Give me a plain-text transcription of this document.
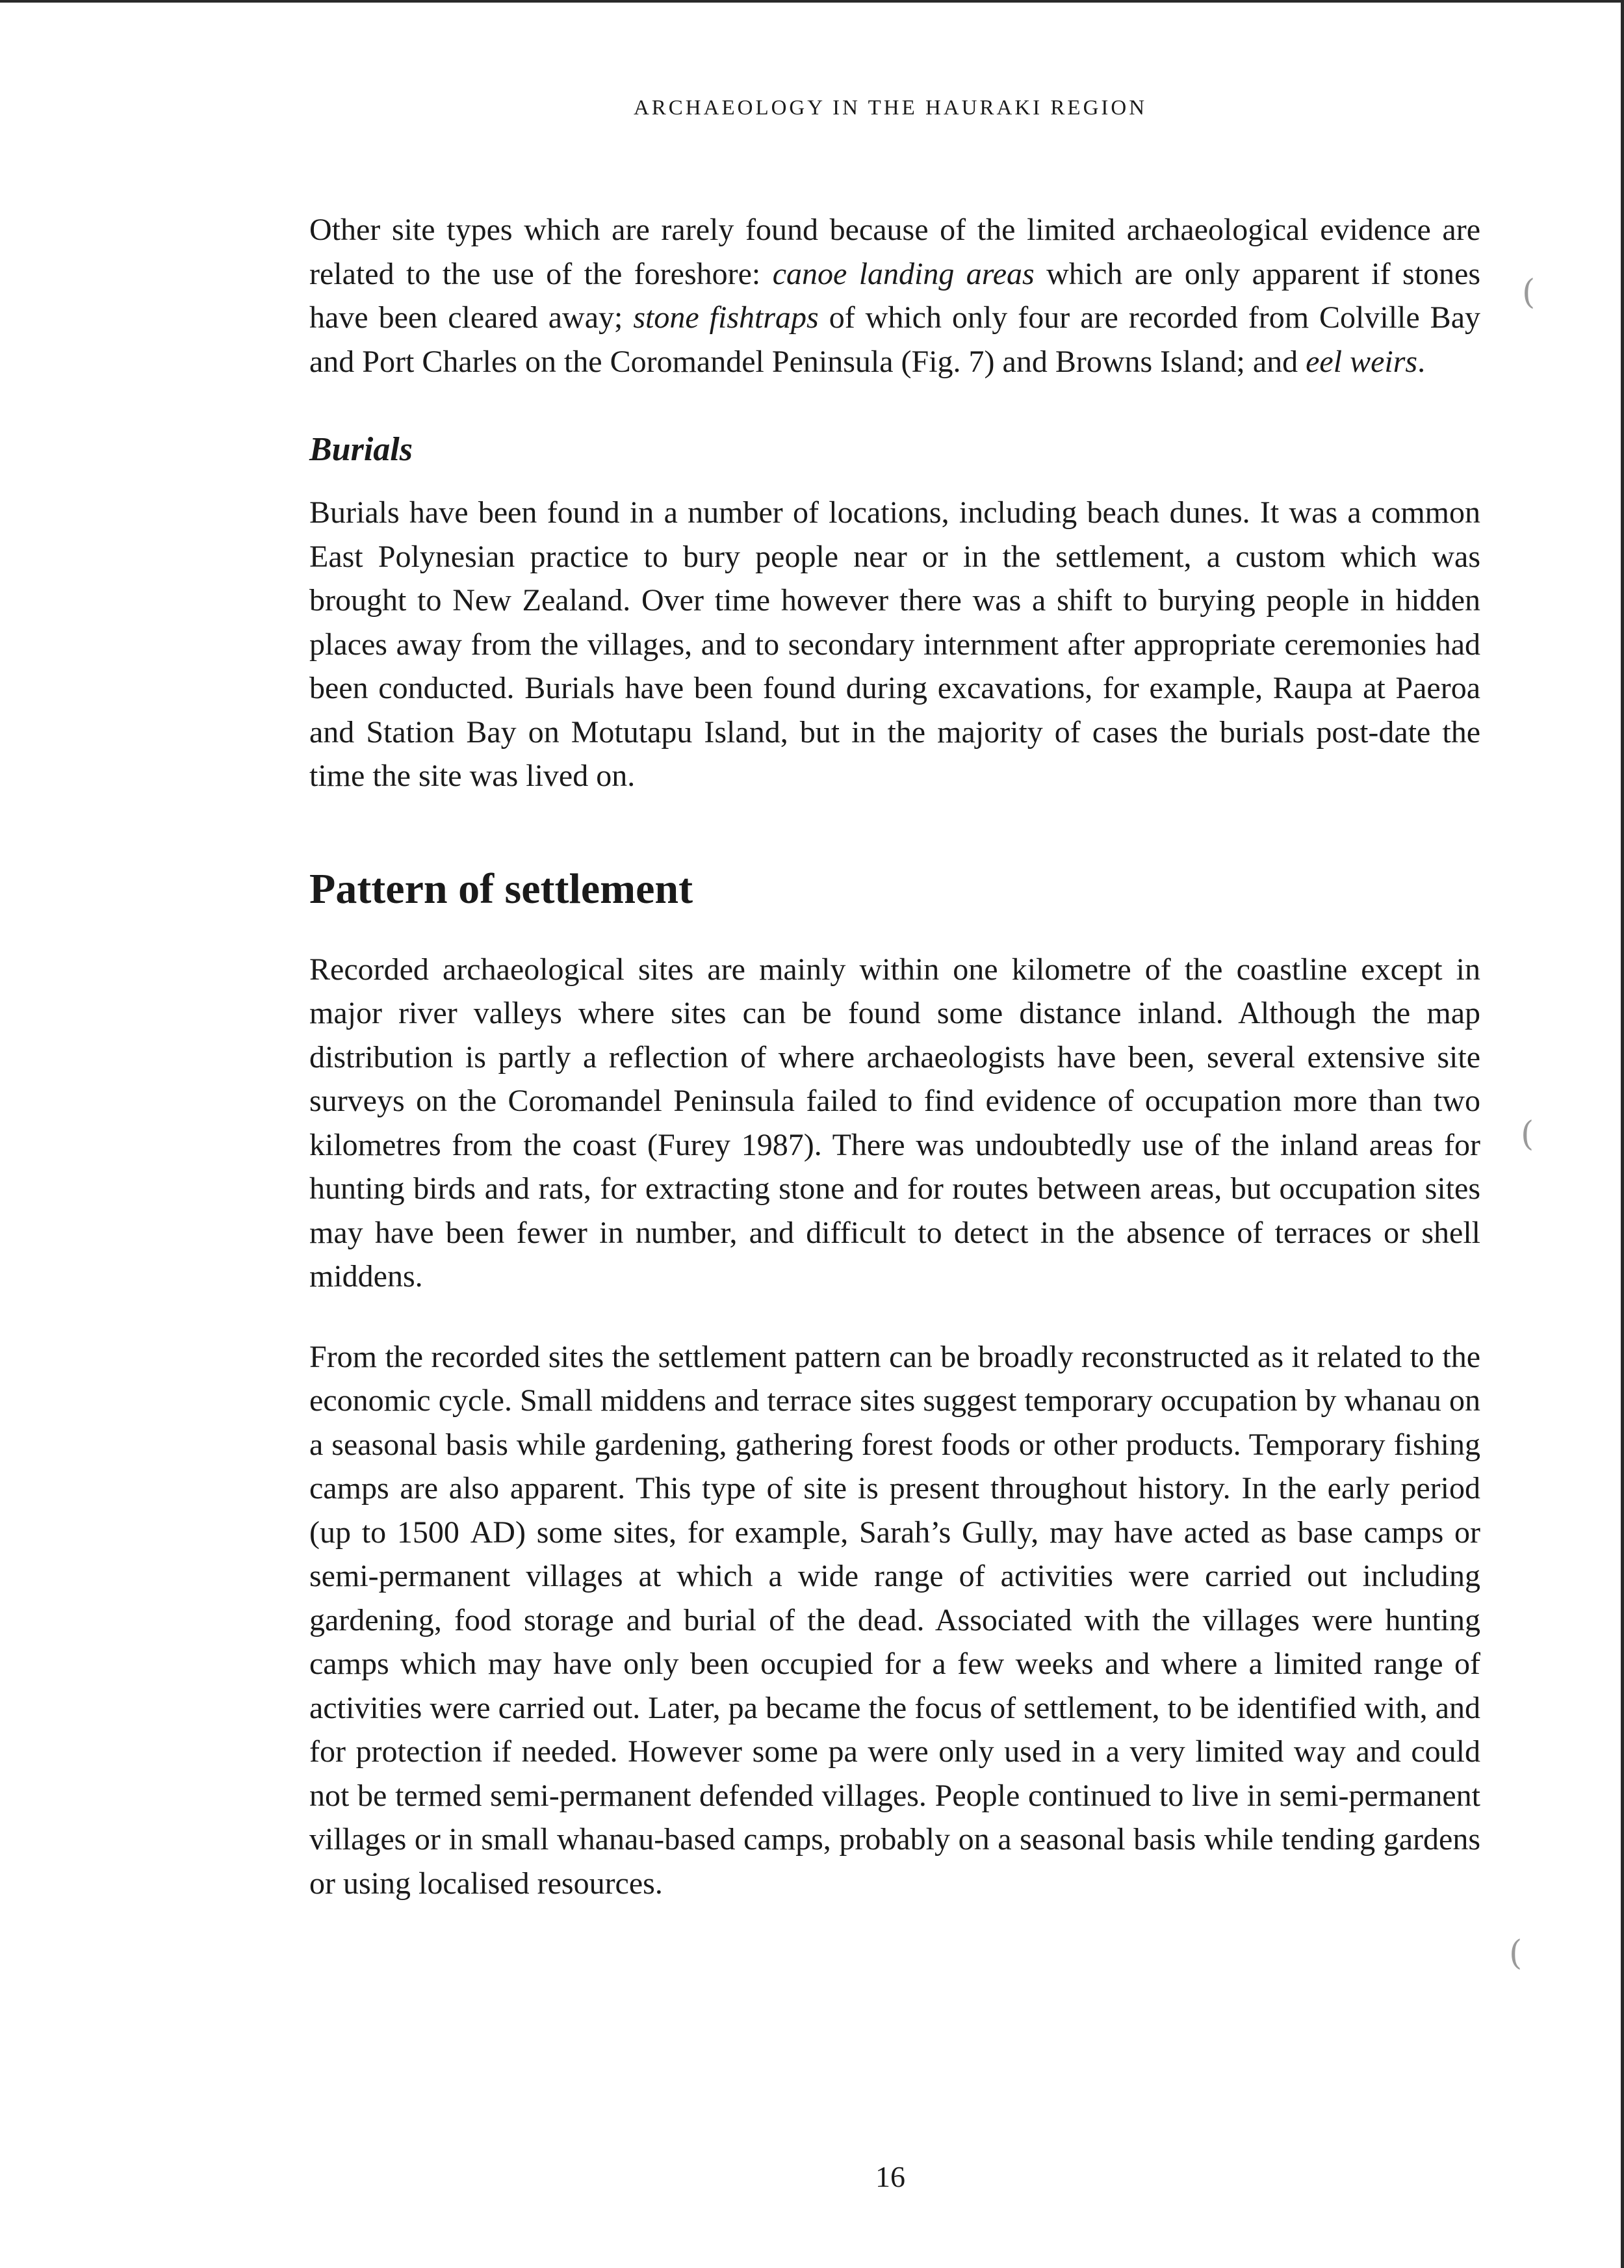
ARCHAEOLOGY IN THE HAURAKI REGION

Other site types which are rarely found because of the limited archaeological evidence are related to the use of the foreshore: canoe landing areas which are only apparent if stones have been cleared away; stone fishtraps of which only four are recorded from Colville Bay and Port Charles on the Coromandel Peninsula (Fig. 7) and Browns Island; and eel weirs.

Burials

Burials have been found in a number of locations, including beach dunes. It was a common East Polynesian practice to bury people near or in the settlement, a custom which was brought to New Zealand. Over time however there was a shift to burying people in hidden places away from the villages, and to secondary internment after appropriate ceremonies had been conducted. Burials have been found during excavations, for example, Raupa at Paeroa and Station Bay on Motutapu Island, but in the majority of cases the burials post-date the time the site was lived on.

Pattern of settlement

Recorded archaeological sites are mainly within one kilometre of the coastline except in major river valleys where sites can be found some distance inland. Although the map distribution is partly a reflection of where archaeologists have been, several extensive site surveys on the Coromandel Peninsula failed to find evidence of occupation more than two kilometres from the coast (Furey 1987). There was undoubtedly use of the inland areas for hunting birds and rats, for extracting stone and for routes between areas, but occupation sites may have been fewer in number, and difficult to detect in the absence of terraces or shell middens.

From the recorded sites the settlement pattern can be broadly reconstructed as it related to the economic cycle. Small middens and terrace sites suggest temporary occupation by whanau on a seasonal basis while gardening, gathering forest foods or other products. Temporary fishing camps are also apparent. This type of site is present throughout history. In the early period (up to 1500 AD) some sites, for example, Sarah’s Gully, may have acted as base camps or semi-permanent villages at which a wide range of activities were carried out including gardening, food storage and burial of the dead. Associated with the villages were hunting camps which may have only been occupied for a few weeks and where a limited range of activities were carried out. Later, pa became the focus of settlement, to be identified with, and for protection if needed. However some pa were only used in a very limited way and could not be termed semi-permanent defended villages. People continued to live in semi-permanent villages or in small whanau-based camps, probably on a seasonal basis while tending gardens or using localised resources.

(
(
(

16
